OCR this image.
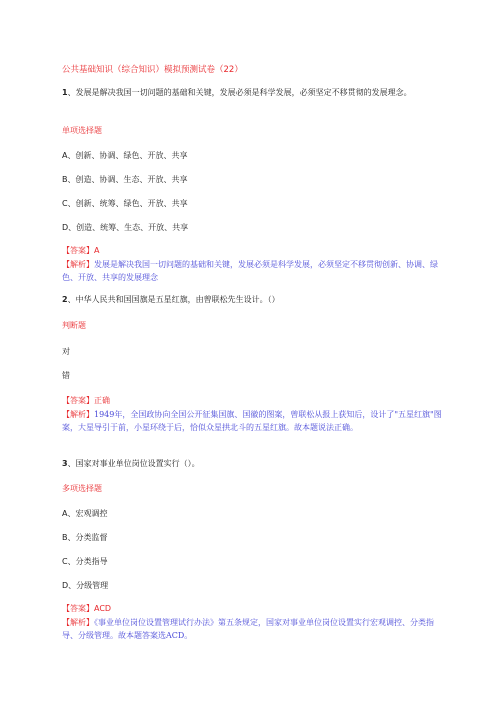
公共基础知识（综合知识）模拟预测试卷（22）
1、发展是解决我国一切问题的基础和关键，发展必须是科学发展，必须坚定不移贯彻的发展理念。
单项选择题
A、创新、协调、绿色、开放、共享
B、创造、协调、生态、开放、共享
C、创新、统筹、绿色、开放、共享
D、创造、统筹、生态、开放、共享
【答案】A
【解析】发展是解决我国一切问题的基础和关键，发展必须是科学发展，必须坚定不移贯彻创新、协调、绿色、开放、共享的发展理念
2、中华人民共和国国旗是五星红旗，由曾联松先生设计。（）
判断题
对
错
【答案】正确
【解析】1949年，全国政协向全国公开征集国旗、国徽的图案，曾联松从报上获知后，设计了"五星红旗"图案，大星导引于前，小星环绕于后，恰似众星拱北斗的五星红旗。故本题说法正确。
3、国家对事业单位岗位设置实行（）。
多项选择题
A、宏观调控
B、分类监督
C、分类指导
D、分级管理
【答案】ACD
【解析】《事业单位岗位设置管理试行办法》第五条规定，国家对事业单位岗位设置实行宏观调控、分类指导、分级管理。故本题答案选ACD。
